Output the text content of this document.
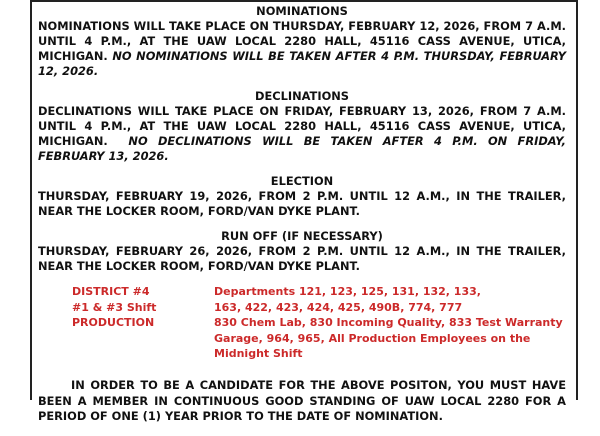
NOMINATIONS

NOMINATIONS WILL TAKE PLACE ON THURSDAY, FEBRUARY 12, 2026, FROM 7 A.M. UNTIL 4 P.M., AT THE UAW LOCAL 2280 HALL, 45116 CASS AVENUE, UTICA, MICHIGAN. NO NOMINATIONS WILL BE TAKEN AFTER 4 P.M. THURSDAY, FEBRUARY 12, 2026.

DECLINATIONS

DECLINATIONS WILL TAKE PLACE ON FRIDAY, FEBRUARY 13, 2026, FROM 7 A.M. UNTIL 4 P.M., AT THE UAW LOCAL 2280 HALL, 45116 CASS AVENUE, UTICA, MICHIGAN. NO DECLINATIONS WILL BE TAKEN AFTER 4 P.M. ON FRIDAY, FEBRUARY 13, 2026.

ELECTION

THURSDAY, FEBRUARY 19, 2026, FROM 2 P.M. UNTIL 12 A.M., IN THE TRAILER, NEAR THE LOCKER ROOM, FORD/VAN DYKE PLANT.

RUN OFF (IF NECESSARY)

THURSDAY, FEBRUARY 26, 2026, FROM 2 P.M. UNTIL 12 A.M., IN THE TRAILER, NEAR THE LOCKER ROOM, FORD/VAN DYKE PLANT.

DISTRICT #4
#1 & #3 Shift
PRODUCTION
Departments 121, 123, 125, 131, 132, 133,
163, 422, 423, 424, 425, 490B, 774, 777
830 Chem Lab, 830 Incoming Quality, 833 Test Warranty Garage, 964, 965, All Production Employees on the Midnight Shift

IN ORDER TO BE A CANDIDATE FOR THE ABOVE POSITON, YOU MUST HAVE BEEN A MEMBER IN CONTINUOUS GOOD STANDING OF UAW LOCAL 2280 FOR A PERIOD OF ONE (1) YEAR PRIOR TO THE DATE OF NOMINATION.
